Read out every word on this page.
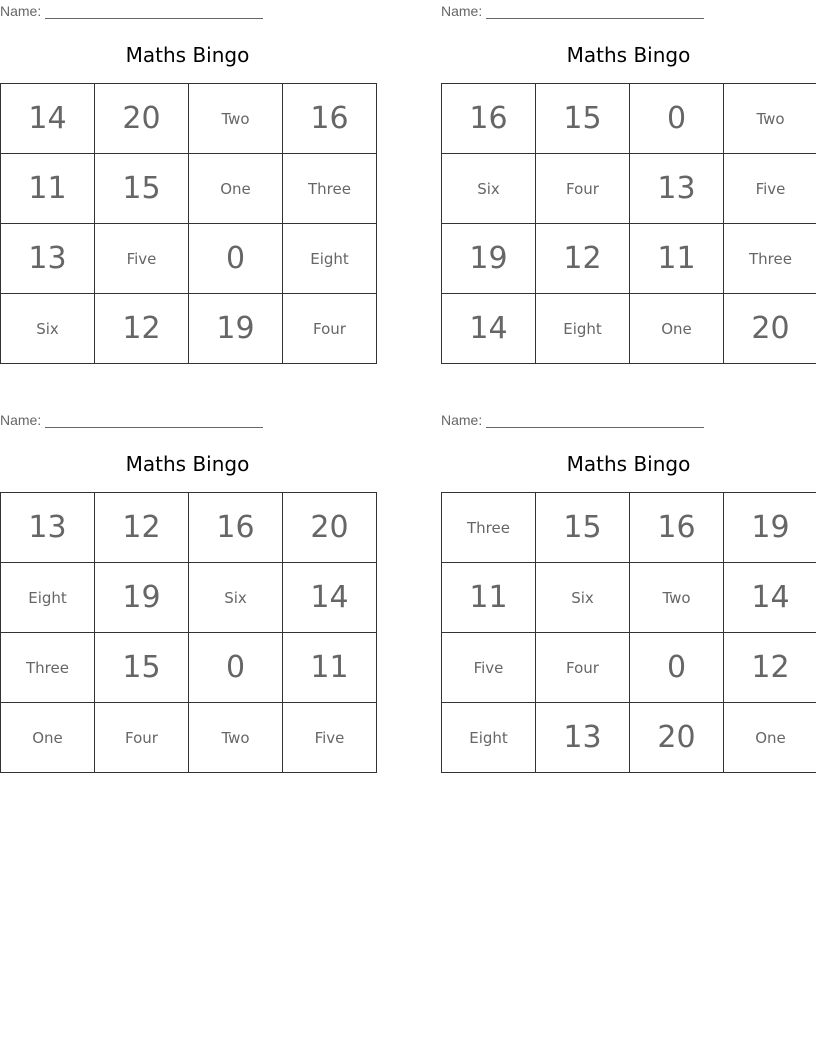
Name:
Maths Bingo
14	20	Two	16
11	15	One	Three
13	Five	0	Eight
Six	12	19	Four
Name:
Maths Bingo
16	15	0	Two
Six	Four	13	Five
19	12	11	Three
14	Eight	One	20
Name:
Maths Bingo
13	12	16	20
Eight	19	Six	14
Three	15	0	11
One	Four	Two	Five
Name:
Maths Bingo
Three	15	16	19
11	Six	Two	14
Five	Four	0	12
Eight	13	20	One
